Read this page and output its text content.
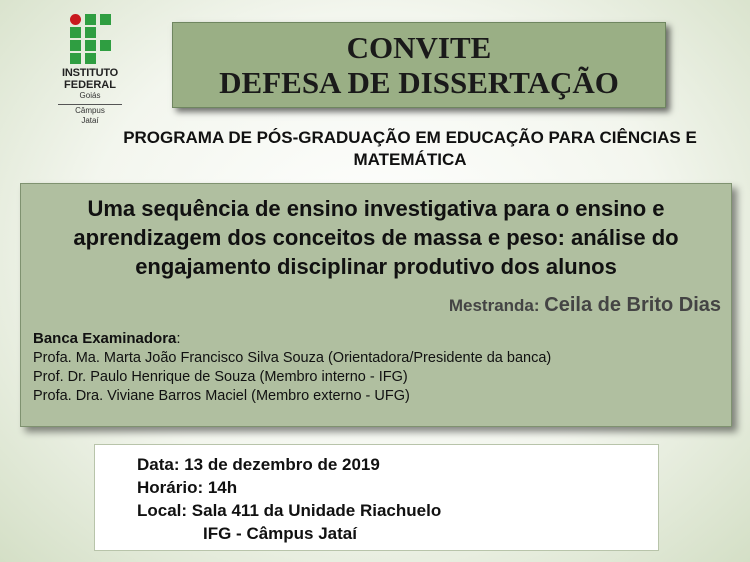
INSTITUTO
FEDERAL
Goiás
Câmpus
Jataí
CONVITE
DEFESA DE DISSERTAÇÃO
PROGRAMA DE PÓS-GRADUAÇÃO EM EDUCAÇÃO PARA CIÊNCIAS E MATEMÁTICA
Uma sequência de ensino investigativa para o ensino e aprendizagem dos conceitos de massa e peso: análise do engajamento disciplinar produtivo dos alunos
Mestranda: Ceila de Brito Dias
Banca Examinadora:
Profa. Ma. Marta João Francisco Silva Souza (Orientadora/Presidente da banca)
Prof. Dr. Paulo Henrique de Souza (Membro interno - IFG)
Profa. Dra. Viviane Barros Maciel (Membro externo - UFG)
Data: 13 de dezembro de 2019
Horário: 14h
Local: Sala 411 da Unidade Riachuelo
IFG - Câmpus Jataí
